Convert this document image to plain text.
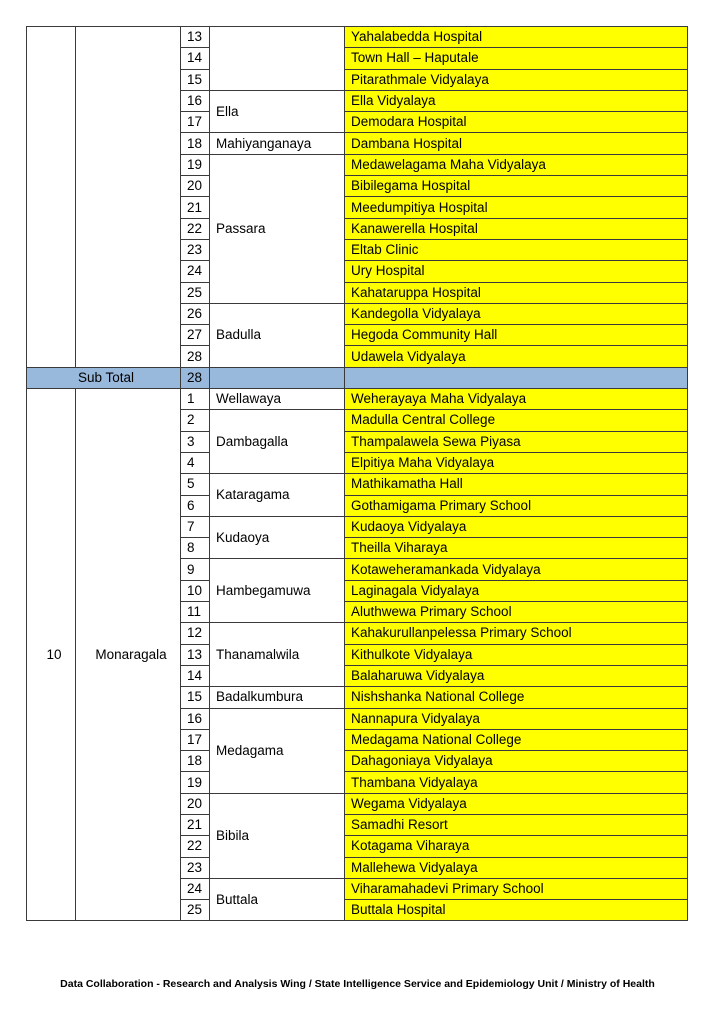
		13		Yahalabedda Hospital
		14		Town Hall – Haputale
		15		Pitarathmale Vidyalaya
		16	Ella	Ella Vidyalaya
		17		Demodara Hospital
		18	Mahiyanganaya	Dambana Hospital
		19	Passara	Medawelagama Maha Vidyalaya
		20		Bibilegama Hospital
		21		Meedumpitiya Hospital
		22		Kanawerella Hospital
		23		Eltab Clinic
		24		Ury Hospital
		25		Kahataruppa Hospital
		26	Badulla	Kandegolla Vidyalaya
		27		Hegoda Community Hall
		28		Udawela Vidyalaya
Sub Total		28		
10	Monaragala	1	Wellawaya	Weherayaya Maha Vidyalaya
		2	Dambagalla	Madulla Central College
		3		Thampalawela Sewa Piyasa
		4		Elpitiya Maha Vidyalaya
		5	Kataragama	Mathikamatha Hall
		6		Gothamigama Primary School
		7	Kudaoya	Kudaoya Vidyalaya
		8		Theilla Viharaya
		9	Hambegamuwa	Kotaweheramankada Vidyalaya
		10		Laginagala Vidyalaya
		11		Aluthwewa Primary School
		12	Thanamalwila	Kahakurullanpelessa Primary School
		13		Kithulkote Vidyalaya
		14		Balaharuwa Vidyalaya
		15	Badalkumbura	Nishshanka National College
		16	Medagama	Nannapura Vidyalaya
		17		Medagama National College
		18		Dahagoniaya Vidyalaya
		19		Thambana Vidyalaya
		20	Bibila	Wegama Vidyalaya
		21		Samadhi Resort
		22		Kotagama Viharaya
		23		Mallehewa Vidyalaya
		24	Buttala	Viharamahadevi Primary School
		25		Buttala Hospital
Data Collaboration - Research and Analysis Wing / State Intelligence Service and Epidemiology Unit / Ministry of Health
